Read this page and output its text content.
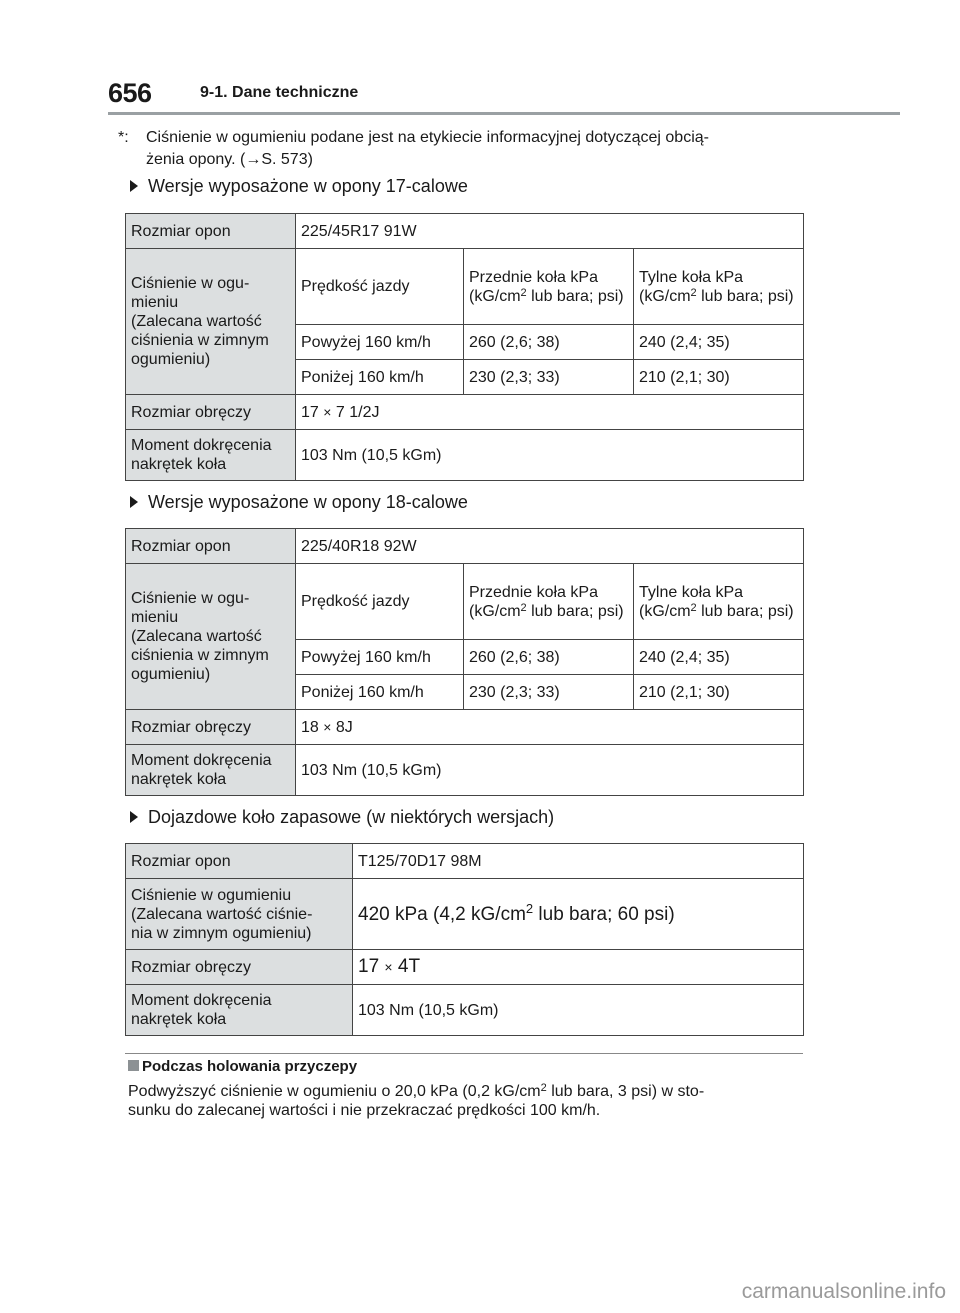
656	9-1. Dane techniczne
*: Ciśnienie w ogumieniu podane jest na etykiecie informacyjnej dotyczącej obcią-
żenia opony. (→S. 573)
Wersje wyposażone w opony 17-calowe
Rozmiar opon	225/45R17 91W		
Ciśnienie w ogu-
mieniu
(Zalecana wartość
ciśnienia w zimnym
ogumieniu)	Prędkość jazdy	Przednie koła kPa ($kG/cm^2$ lub bara; psi)	Tylne koła kPa ($kG/cm^2$ lub bara; psi)
	Powyżej 160 km/h	260 (2,6; 38)	240 (2,4; 35)
	Poniżej 160 km/h	230 (2,3; 33)	210 (2,1; 30)
Rozmiar obręczy	17 × 7 1/2J		
Moment dokręcenia
nakrętek koła	103 Nm (10,5 kGm)		
Wersje wyposażone w opony 18-calowe
Rozmiar opon	225/40R18 92W		
Ciśnienie w ogu-
mieniu
(Zalecana wartość
ciśnienia w zimnym
ogumieniu)	Prędkość jazdy	Przednie koła kPa ($kG/cm^2$ lub bara; psi)	Tylne koła kPa ($kG/cm^2$ lub bara; psi)
	Powyżej 160 km/h	260 (2,6; 38)	240 (2,4; 35)
	Poniżej 160 km/h	230 (2,3; 33)	210 (2,1; 30)
Rozmiar obręczy	18 × 8J		
Moment dokręcenia
nakrętek koła	103 Nm (10,5 kGm)		
Dojazdowe koło zapasowe (w niektórych wersjach)
Rozmiar opon	T125/70D17 98M
Ciśnienie w ogumieniu
(Zalecana wartość ciśnie-
nia w zimnym ogumieniu)	420 kPa (4,2 $kG/cm^2$ lub bara; 60 psi)
Rozmiar obręczy	17 × 4T
Moment dokręcenia
nakrętek koła	103 Nm (10,5 kGm)
Podczas holowania przyczepy
Podwyższyć ciśnienie w ogumieniu o 20,0 kPa (0,2 $kG/cm^2$ lub bara, 3 psi) w sto-
sunku do zalecanej wartości i nie przekraczać prędkości 100 km/h.
carmanualsonline.info
